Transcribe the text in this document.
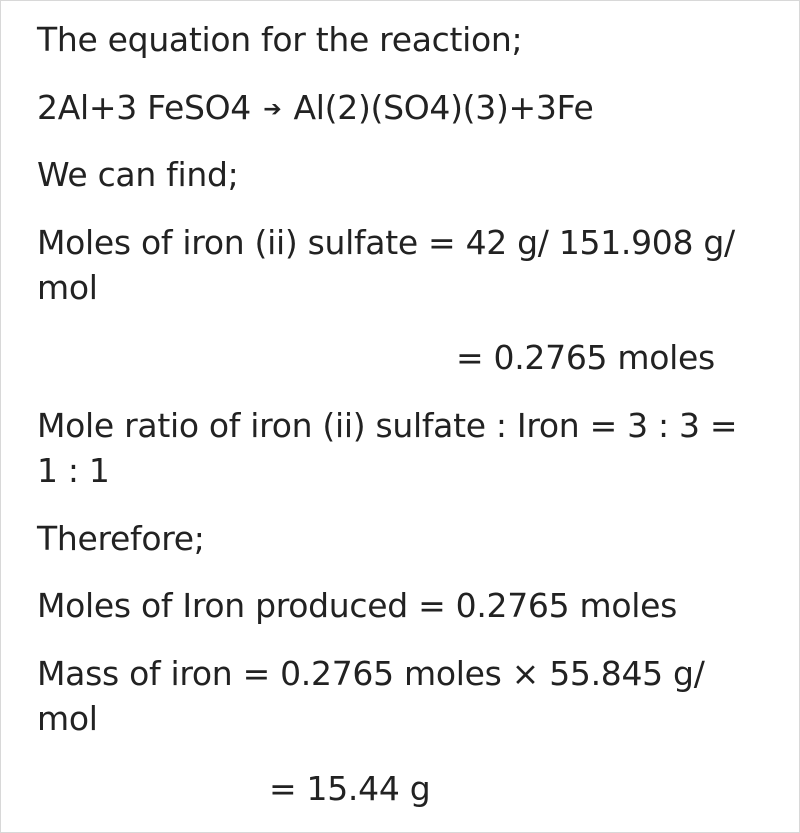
The equation for the reaction;
2Al+3 FeSO4 ➔ Al(2)(SO4)(3)+3Fe
We can find;
Moles of iron (ii) sulfate = 42 g/ 151.908 g/
mol
= 0.2765 moles
Mole ratio of iron (ii) sulfate : Iron = 3 : 3 =
1 : 1
Therefore;
Moles of Iron produced = 0.2765 moles
Mass of iron = 0.2765 moles × 55.845 g/
mol
= 15.44 g
